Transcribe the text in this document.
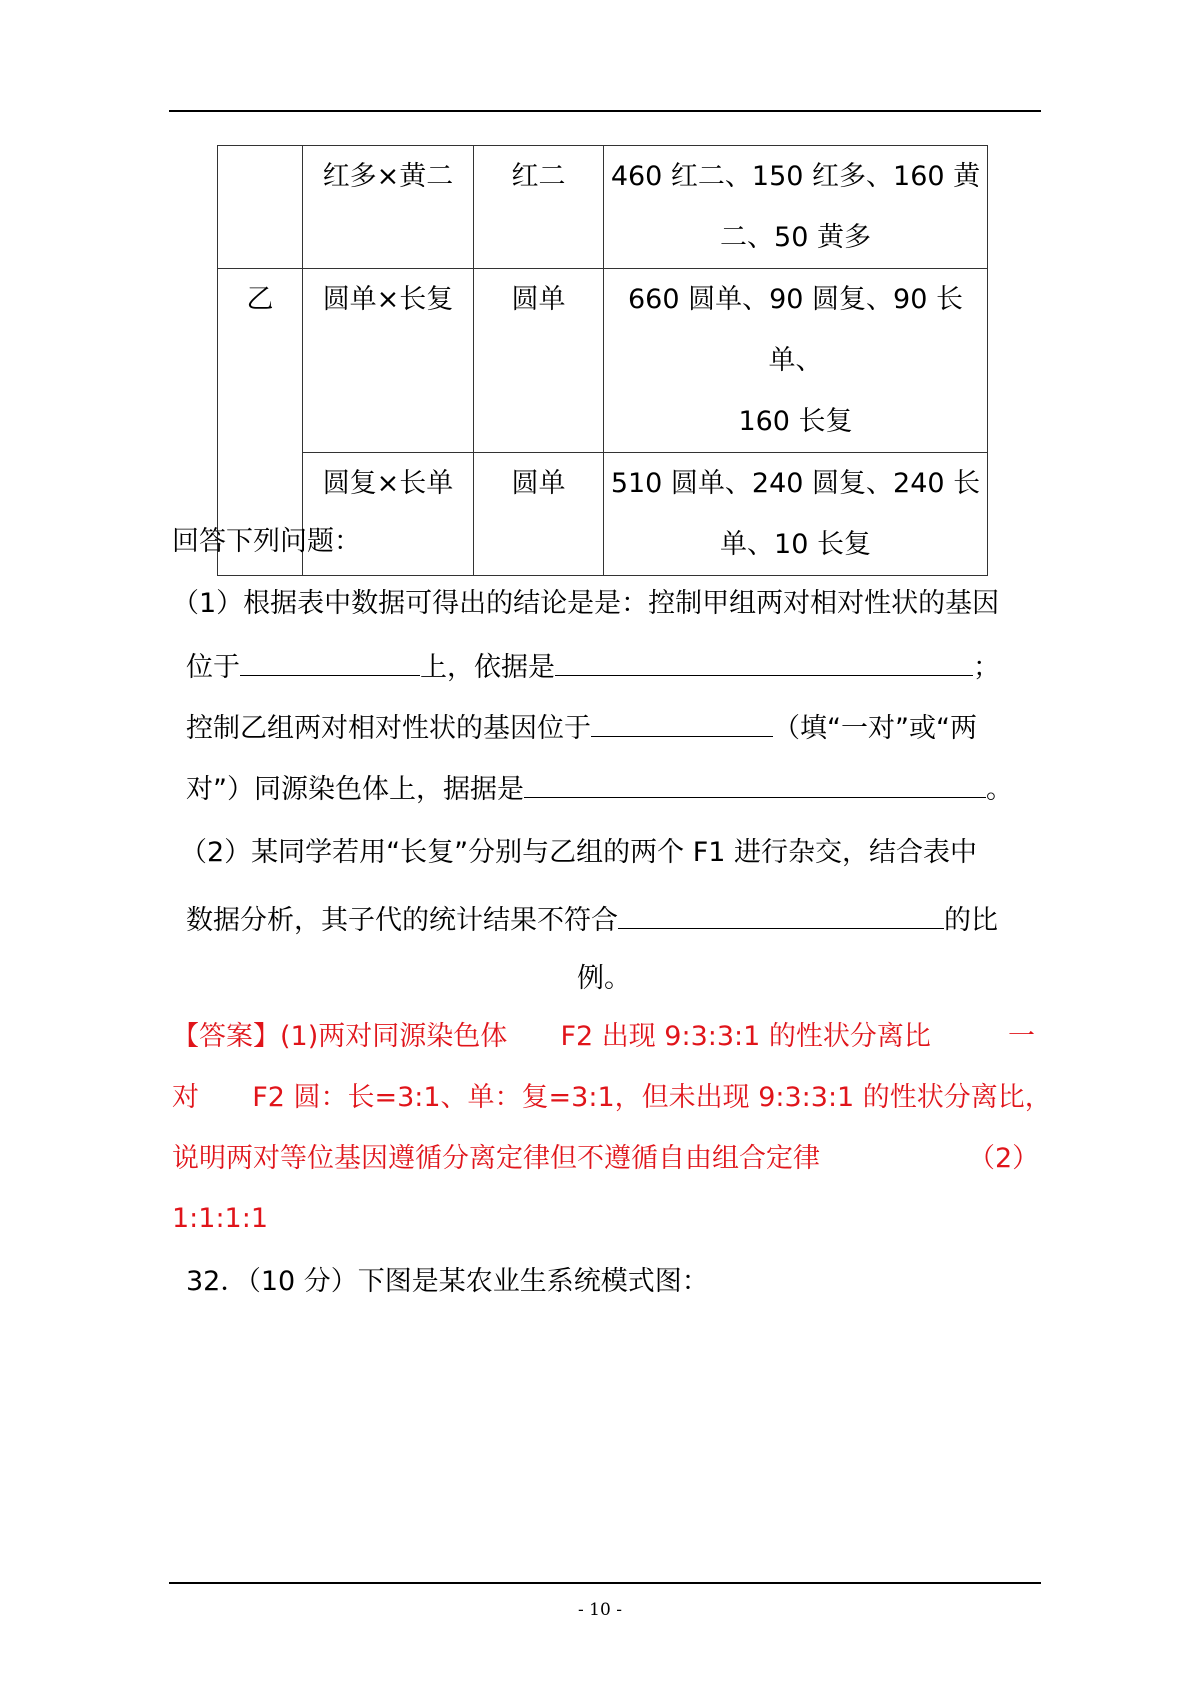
	红多×黄二	红二	460 红二、150 红多、160 黄
二、50 黄多

乙	圆单×长复	圆单	660 圆单、90 圆复、90 长单、
160 长复

	圆复×长单	圆单	510 圆单、240 圆复、240 长
单、10 长复
回答下列问题：
（1）根据表中数据可得出的结论是是：控制甲组两对相对性状的基因
位于	上，依据是	；
控制乙组两对相对性状的基因位于	（填“一对”或“两
对”）同源染色体上，据据是	。
（2）某同学若用“长复”分别与乙组的两个 F1 进行杂交，结合表中
数据分析，其子代的统计结果不符合	的比
例。
【答案】(1)两对同源染色体 F2 出现 9:3:3:1 的性状分离比	一
对 F2 圆：长=3:1、单：复=3:1，但未出现 9:3:3:1 的性状分离比，
说明两对等位基因遵循分离定律但不遵循自由组合定律	（2）
1:1:1:1
32．（10 分）下图是某农业生系统模式图：
- 10 -
